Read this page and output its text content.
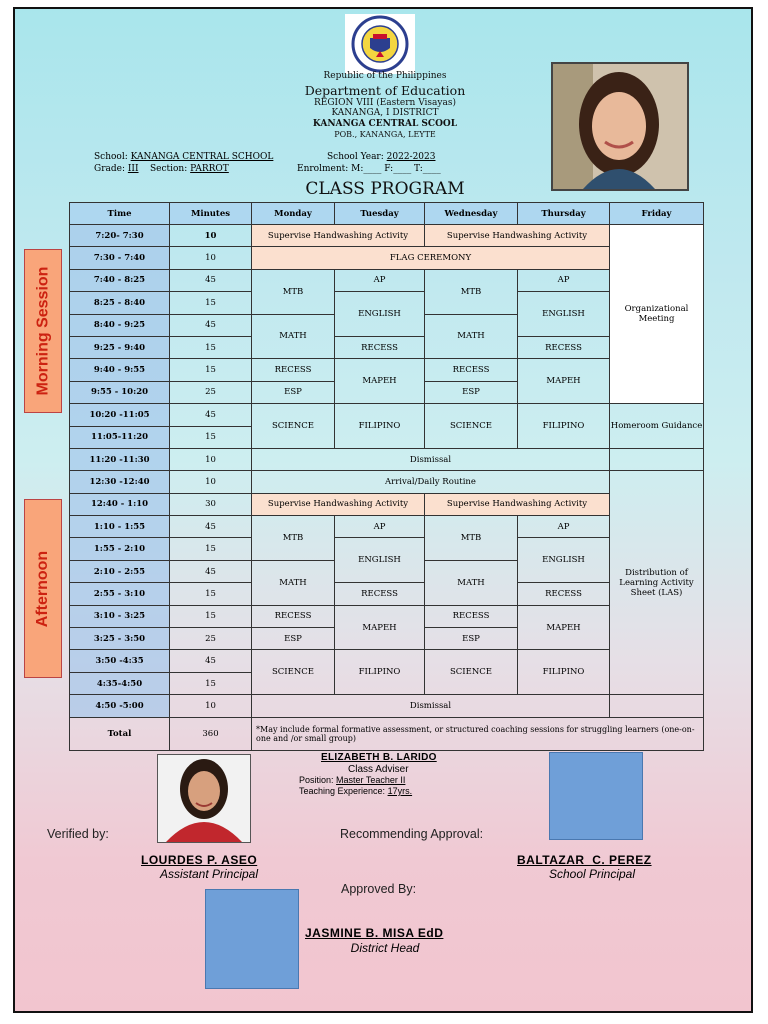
Republic of the Philippines
Department of Education
REGION VIII (Eastern Visayas)
KANANGA, I DISTRICT
KANANGA CENTRAL SCOOL
POB., KANANGA, LEYTE
School: KANANGA CENTRAL SCHOOL
Grade: III Section: PARROT
School Year: 2022-2023
Enrolment: M:____ F:____ T:____
CLASS PROGRAM
Morning Session
Afternoon
Time	Minutes	Monday	Tuesday	Wednesday	Thursday	Friday
7:20- 7:30	10	Supervise Handwashing Activity		Supervise Handwashing Activity		Organizational Meeting
7:30 - 7:40	10	FLAG CEREMONY				
7:40 - 8:25	45	MTB	AP	MTB	AP	
8:25 - 8:40	15		ENGLISH		ENGLISH	
8:40 - 9:25	45	MATH		MATH		
9:25 - 9:40	15		RECESS		RECESS	
9:40 - 9:55	15	RECESS	MAPEH	RECESS	MAPEH	
9:55 - 10:20	25	ESP		ESP		
10:20 -11:05	45	SCIENCE	FILIPINO	SCIENCE	FILIPINO	Homeroom Guidance
11:05-11:20	15					
11:20 -11:30	10	Dismissal				
12:30 -12:40	10	Arrival/Daily Routine				Distribution of Learning Activity Sheet (LAS)
12:40 - 1:10	30	Supervise Handwashing Activity		Supervise Handwashing Activity		
1:10 - 1:55	45	MTB	AP	MTB	AP	
1:55 - 2:10	15		ENGLISH		ENGLISH	
2:10 - 2:55	45	MATH		MATH		
2:55 - 3:10	15		RECESS		RECESS	
3:10 - 3:25	15	RECESS	MAPEH	RECESS	MAPEH	
3:25 - 3:50	25	ESP		ESP		
3:50 -4:35	45	SCIENCE	FILIPINO	SCIENCE	FILIPINO	
4:35-4:50	15					
4:50 -5:00	10	Dismissal				
Total	360	*May include formal formative assessment, or structured coaching sessions for struggling learners (one-on-one and /or small group)				
ELIZABETH B. LARIDO
Class Adviser
Position: Master Teacher II
Teaching Experience: 17yrs.
Verified by:	Recommending Approval:
LOURDES P. ASEO
Assistant Principal
BALTAZAR  C. PEREZ
School Principal
Approved By:
JASMINE B. MISA EdD
District Head
